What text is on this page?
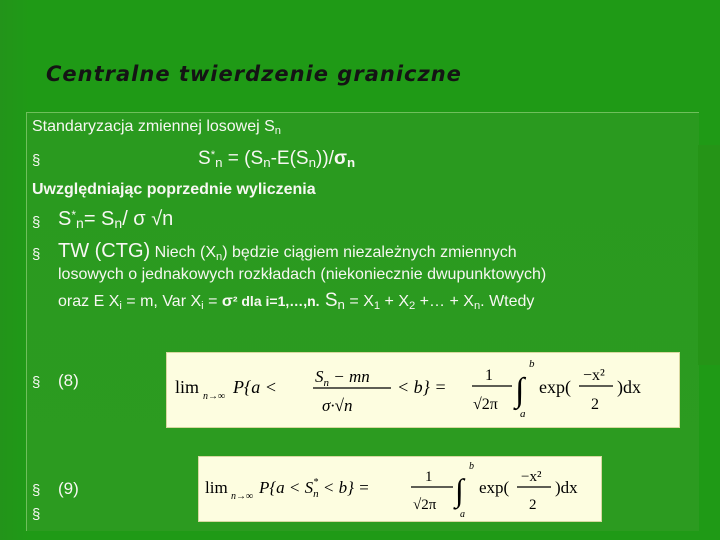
Centralne twierdzenie graniczne
Standaryzacja zmiennej losowej $S_n$
§	$S^*_n = (S_n-E(S_n))/\sigma_n$
Uwzględniając poprzednie wyliczenia
§ $S^*_n= S_n/$ σ √n
§ TW (CTG) Niech $(X_n)$ będzie ciągiem niezależnych zmiennych
losowych o jednakowych rozkładach (niekoniecznie dwupunktowych)
oraz E $X_i = m$, Var $X_i = \sigma^2$ dla i=1,…,n. $S_n = X_1 + X_2$ +… + $X_n$. Wtedy
§ (8)	lim n→∞ P{a <
$S_n$ − mn
σ·√n
< b} =
1
√2π ∫
b
a
exp(
−x²
2
)dx
§ (9)	lim n→∞ P{a < S* n < b} =
1
√2π ∫
b
a
exp(
−x²
2
)dx
§
